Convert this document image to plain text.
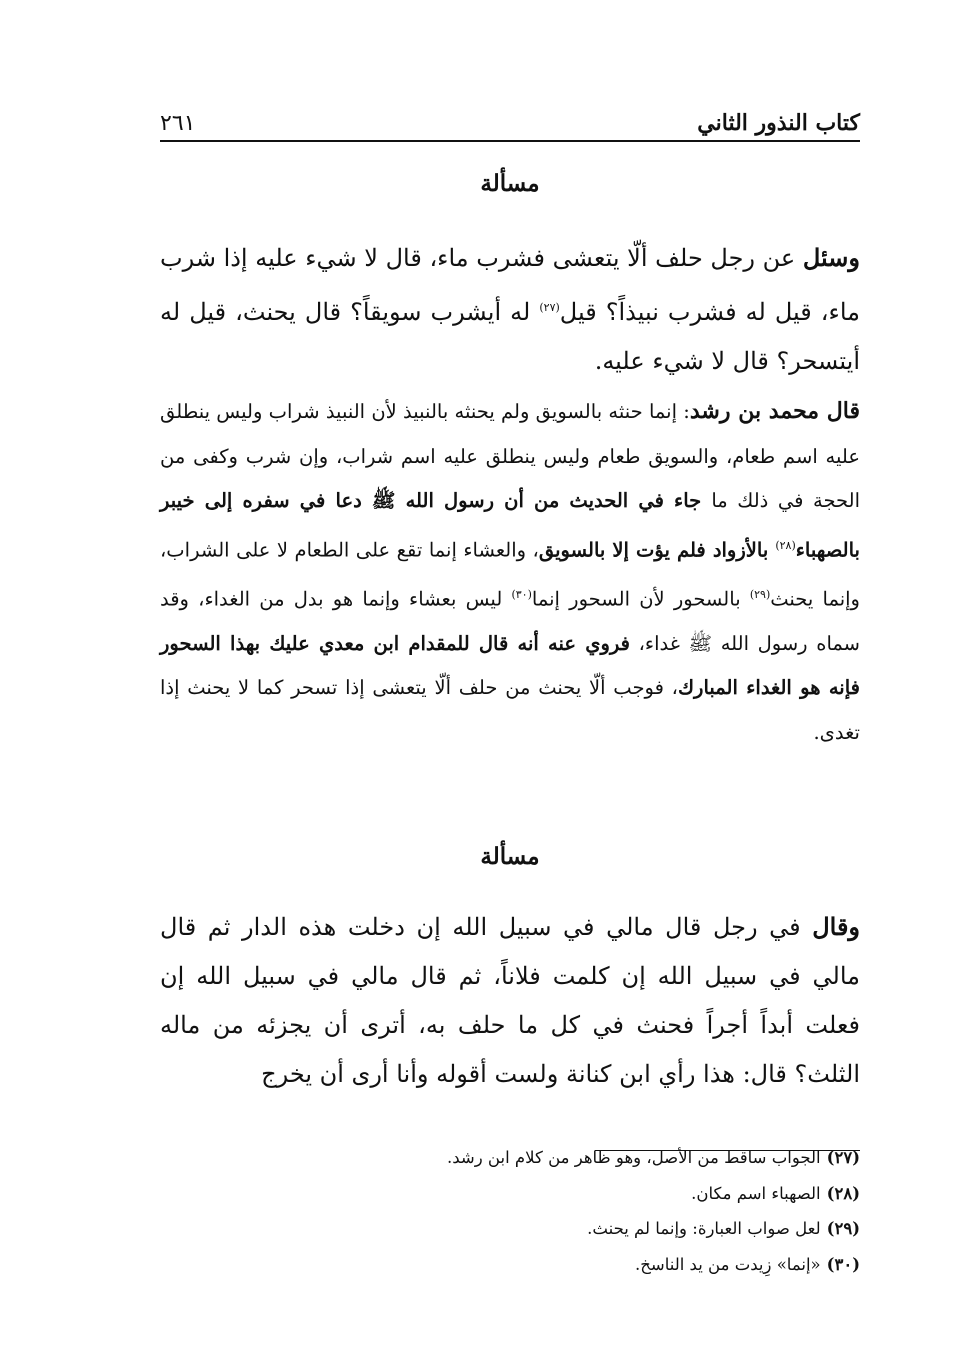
كتاب النذور الثاني
٢٦١
مسألة
وسئل عن رجل حلف ألّا يتعشى فشرب ماء، قال لا شيء عليه إذا شرب ماء، قيل له فشرب نبيذاً؟ قيل$^{(٢٧)}$ له أيشرب سويقاً؟ قال يحنث، قيل له أيتسحر؟ قال لا شيء عليه.
قال محمد بن رشد: إنما حنثه بالسويق ولم يحنثه بالنبيذ لأن النبيذ شراب وليس ينطلق عليه اسم طعام، والسويق طعام وليس ينطلق عليه اسم شراب، وإن شرب وكفى من الحجة في ذلك ما جاء في الحديث من أن رسول الله ﷺ دعا في سفره إلى خيبر بالصهباء$^{(٢٨)}$ بالأزواد فلم يؤت إلا بالسويق، والعشاء إنما تقع على الطعام لا على الشراب، وإنما يحنث$^{(٢٩)}$ بالسحور لأن السحور إنما$^{(٣٠)}$ ليس بعشاء وإنما هو بدل من الغداء، وقد سماه رسول الله ﷺ غداء، فروي عنه أنه قال للمقدام ابن معدي عليك بهذا السحور فإنه هو الغداء المبارك، فوجب ألّا يحنث من حلف ألّا يتعشى إذا تسحر كما لا يحنث إذا تغدى.
مسألة
وقال في رجل قال مالي في سبيل الله إن دخلت هذه الدار ثم قال مالي في سبيل الله إن كلمت فلاناً، ثم قال مالي في سبيل الله إن فعلت أبداً أجراً فحنث في كل ما حلف به، أترى أن يجزئه من ماله الثلث؟ قال: هذا رأي ابن كنانة ولست أقوله وأنا أرى أن يخرج
(٢٧)الجواب ساقط من الأصل، وهو ظاهر من كلام ابن رشد.
(٢٨)الصهباء اسم مكان.
(٢٩)لعل صواب العبارة: وإنما لم يحنث.
(٣٠)«إنما» زِيدت من يد الناسخ.
